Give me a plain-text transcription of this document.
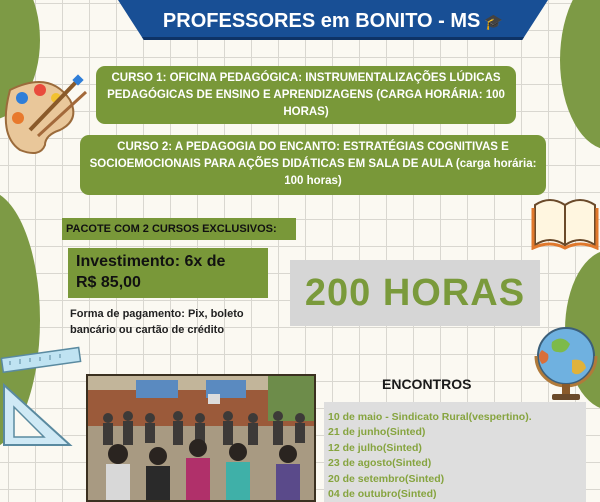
PROFESSORES em BONITO - MS 🎓
CURSO 1: OFICINA PEDAGÓGICA: INSTRUMENTALIZAÇÕES LÚDICAS PEDAGÓGICAS DE ENSINO E APRENDIZAGENS (CARGA HORÁRIA: 100 HORAS)
CURSO 2: A PEDAGOGIA DO ENCANTO: ESTRATÉGIAS COGNITIVAS E SOCIOEMOCIONAIS PARA AÇÕES DIDÁTICAS EM SALA DE AULA (carga horária: 100 horas)
PACOTE COM 2 CURSOS EXCLUSIVOS:
Investimento: 6x de
R$ 85,00
Forma de pagamento: Pix, boleto bancário ou cartão de crédito
200 HORAS
ENCONTROS
10 de maio - Sindicato Rural(vespertino).
21 de junho(Sinted)
12 de julho(Sinted)
23 de agosto(Sinted)
20 de setembro(Sinted)
04 de outubro(Sinted)
